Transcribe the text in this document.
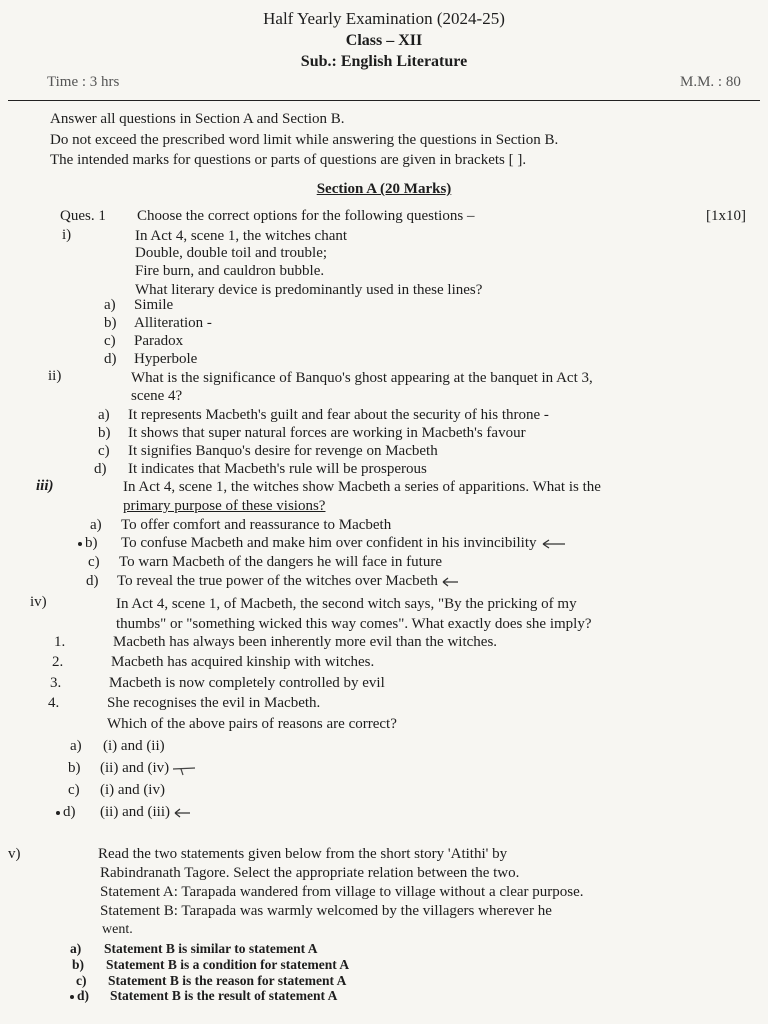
Half Yearly Examination (2024-25)
Class – XII
Sub.: English Literature
Time : 3 hrs	M.M. : 80
Answer all questions in Section A and Section B.
Do not exceed the prescribed word limit while answering the questions in Section B.
The intended marks for questions or parts of questions are given in brackets [ ].
Section A (20 Marks)
Ques. 1 Choose the correct options for the following questions –	[1x10]
i)	In Act 4, scene 1, the witches chant
Double, double toil and trouble;
Fire burn, and cauldron bubble.
What literary device is predominantly used in these lines?
a) Simile
b) Alliteration -
c) Paradox
d) Hyperbole
ii)	What is the significance of Banquo's ghost appearing at the banquet in Act 3,
scene 4?
a) It represents Macbeth's guilt and fear about the security of his throne -
b) It shows that super natural forces are working in Macbeth's favour
c) It signifies Banquo's desire for revenge on Macbeth
d) It indicates that Macbeth's rule will be prosperous
iii)	In Act 4, scene 1, the witches show Macbeth a series of apparitions. What is the
primary purpose of these visions?
a) To offer comfort and reassurance to Macbeth
b) To confuse Macbeth and make him over confident in his invincibility
c) To warn Macbeth of the dangers he will face in future
d) To reveal the true power of the witches over Macbeth
iv)	In Act 4, scene 1, of Macbeth, the second witch says, "By the pricking of my
thumbs" or "something wicked this way comes". What exactly does she imply?
1.	Macbeth has always been inherently more evil than the witches.
2.	Macbeth has acquired kinship with witches.
3.	Macbeth is now completely controlled by evil
4.	She recognises the evil in Macbeth.
Which of the above pairs of reasons are correct?
a) (i) and (ii)
b) (ii) and (iv)
c) (i) and (iv)
d) (ii) and (iii)
v)	Read the two statements given below from the short story 'Atithi' by
Rabindranath Tagore. Select the appropriate relation between the two.
Statement A: Tarapada wandered from village to village without a clear purpose.
Statement B: Tarapada was warmly welcomed by the villagers wherever he
went.
a) Statement B is similar to statement A
b) Statement B is a condition for statement A
c) Statement B is the reason for statement A
d) Statement B is the result of statement A
